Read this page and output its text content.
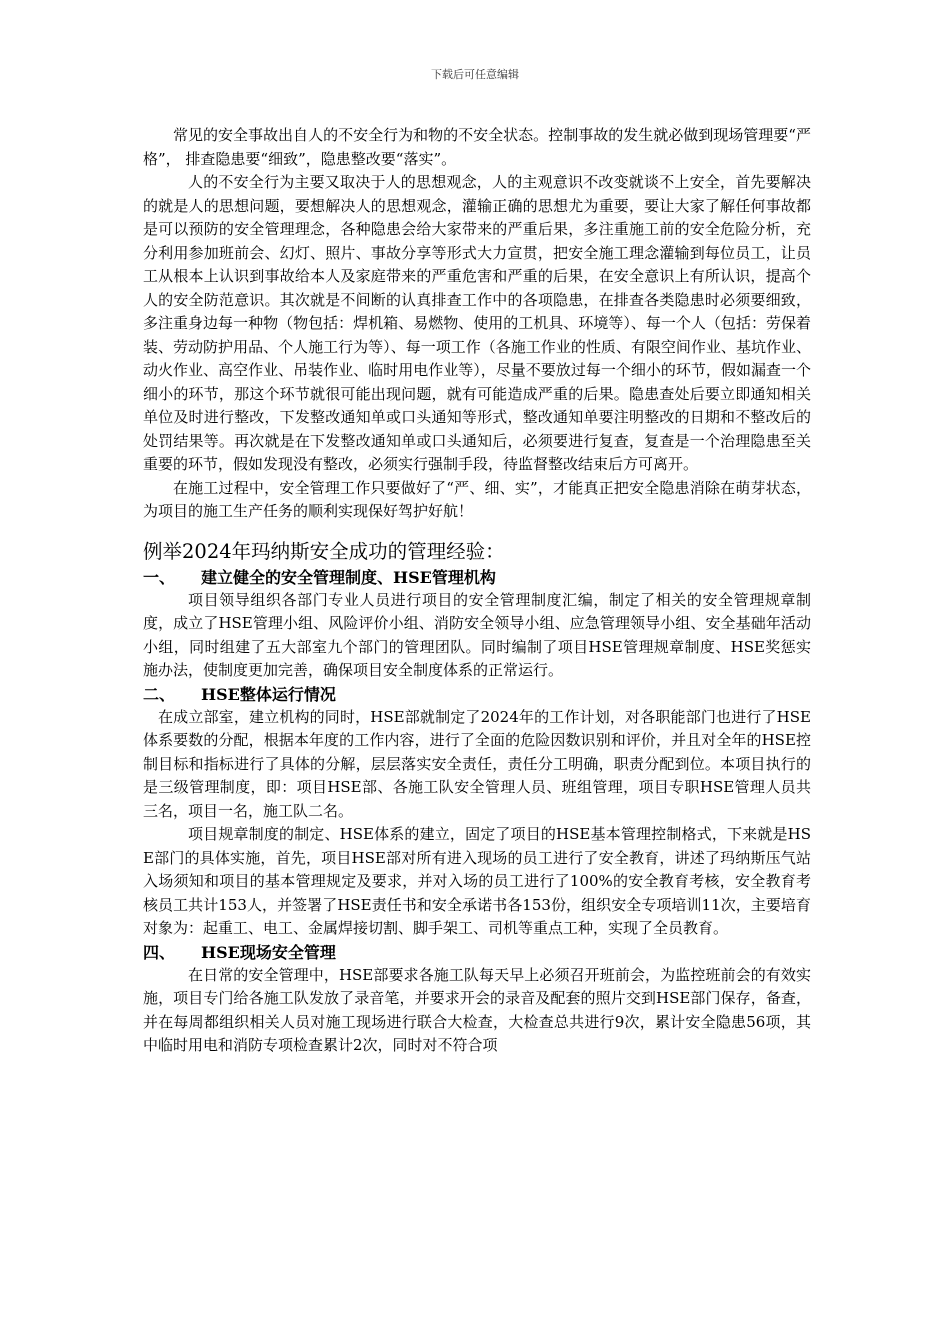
下载后可任意编辑

常见的安全事故出自人的不安全行为和物的不安全状态。控制事故的发生就必做到现场管理要“严格”， 排查隐患要“细致”，隐患整改要“落实”。

人的不安全行为主要又取决于人的思想观念，人的主观意识不改变就谈不上安全，首先要解决的就是人的思想问题，要想解决人的思想观念，灌输正确的思想尤为重要，要让大家了解任何事故都是可以预防的安全管理理念，各种隐患会给大家带来的严重后果，多注重施工前的安全危险分析，充分利用参加班前会、幻灯、照片、事故分享等形式大力宣贯，把安全施工理念灌输到每位员工，让员工从根本上认识到事故给本人及家庭带来的严重危害和严重的后果，在安全意识上有所认识，提高个人的安全防范意识。其次就是不间断的认真排查工作中的各项隐患，在排查各类隐患时必须要细致，多注重身边每一种物（物包括：焊机箱、易燃物、使用的工机具、环境等）、每一个人（包括：劳保着装、劳动防护用品、个人施工行为等）、每一项工作（各施工作业的性质、有限空间作业、基坑作业、动火作业、高空作业、吊装作业、临时用电作业等），尽量不要放过每一个细小的环节，假如漏查一个细小的环节，那这个环节就很可能出现问题，就有可能造成严重的后果。隐患查处后要立即通知相关单位及时进行整改，下发整改通知单或口头通知等形式，整改通知单要注明整改的日期和不整改后的处罚结果等。再次就是在下发整改通知单或口头通知后，必须要进行复查，复查是一个治理隐患至关重要的环节，假如发现没有整改，必须实行强制手段，待监督整改结束后方可离开。

在施工过程中，安全管理工作只要做好了“严、细、实”，才能真正把安全隐患消除在萌芽状态，为项目的施工生产任务的顺利实现保好驾护好航！

例举2024年玛纳斯安全成功的管理经验：
一、	建立健全的安全管理制度、HSE管理机构

项目领导组织各部门专业人员进行项目的安全管理制度汇编，制定了相关的安全管理规章制度，成立了HSE管理小组、风险评价小组、消防安全领导小组、应急管理领导小组、安全基础年活动小组，同时组建了五大部室九个部门的管理团队。同时编制了项目HSE管理规章制度、HSE奖惩实施办法，使制度更加完善，确保项目安全制度体系的正常运行。

二、	HSE整体运行情况

在成立部室，建立机构的同时，HSE部就制定了2024年的工作计划，对各职能部门也进行了HSE体系要数的分配，根据本年度的工作内容，进行了全面的危险因数识别和评价，并且对全年的HSE控制目标和指标进行了具体的分解，层层落实安全责任，责任分工明确，职责分配到位。本项目执行的是三级管理制度，即：项目HSE部、各施工队安全管理人员、班组管理，项目专职HSE管理人员共三名，项目一名，施工队二名。

项目规章制度的制定、HSE体系的建立，固定了项目的HSE基本管理控制格式，下来就是HSE部门的具体实施，首先，项目HSE部对所有进入现场的员工进行了安全教育，讲述了玛纳斯压气站入场须知和项目的基本管理规定及要求，并对入场的员工进行了100%的安全教育考核，安全教育考核员工共计153人，并签署了HSE责任书和安全承诺书各153份，组织安全专项培训11次，主要培育对象为：起重工、电工、金属焊接切割、脚手架工、司机等重点工种，实现了全员教育。

四、	HSE现场安全管理

在日常的安全管理中，HSE部要求各施工队每天早上必须召开班前会，为监控班前会的有效实施，项目专门给各施工队发放了录音笔，并要求开会的录音及配套的照片交到HSE部门保存，备查，并在每周都组织相关人员对施工现场进行联合大检查，大检查总共进行9次，累计安全隐患56项，其中临时用电和消防专项检查累计2次，同时对不符合项
